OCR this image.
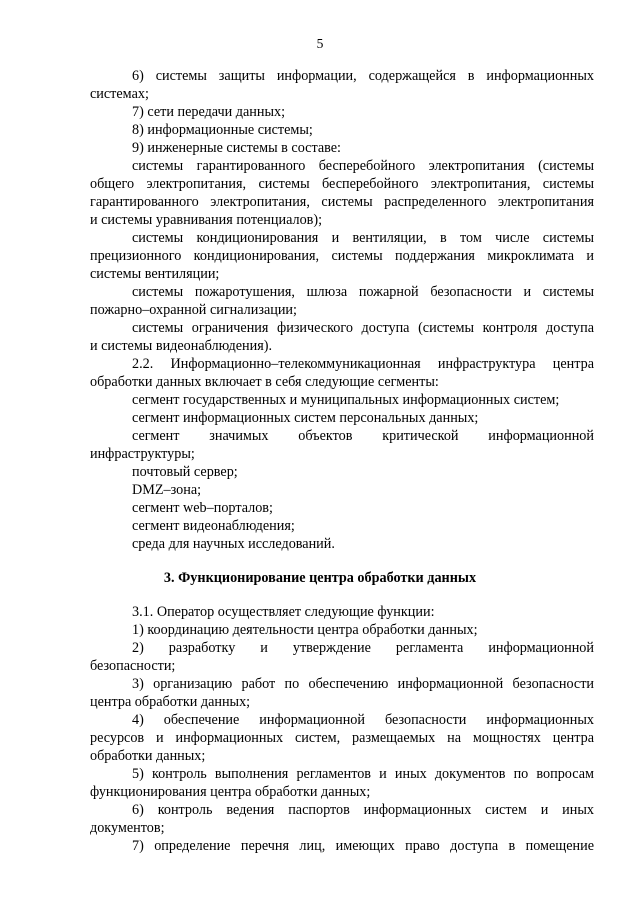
5
6) системы защиты информации, содержащейся в информационных
системах;
7) сети передачи данных;
8) информационные системы;
9) инженерные системы в составе:
системы гарантированного бесперебойного электропитания (системы
общего электропитания, системы бесперебойного электропитания, системы
гарантированного электропитания, системы распределенного электропитания
и системы уравнивания потенциалов);
системы кондиционирования и вентиляции, в том числе системы
прецизионного кондиционирования, системы поддержания микроклимата и
системы вентиляции;
системы пожаротушения, шлюза пожарной безопасности и системы
пожарно–охранной сигнализации;
системы ограничения физического доступа (системы контроля доступа
и системы видеонаблюдения).
2.2. Информационно–телекоммуникационная инфраструктура центра
обработки данных включает в себя следующие сегменты:
сегмент государственных и муниципальных информационных систем;
сегмент информационных систем персональных данных;
сегмент значимых объектов критической информационной
инфраструктуры;
почтовый сервер;
DMZ–зона;
сегмент web–порталов;
сегмент видеонаблюдения;
среда для научных исследований.
3. Функционирование центра обработки данных
3.1. Оператор осуществляет следующие функции:
1) координацию деятельности центра обработки данных;
2) разработку и утверждение регламента информационной
безопасности;
3) организацию работ по обеспечению информационной безопасности
центра обработки данных;
4) обеспечение информационной безопасности информационных
ресурсов и информационных систем, размещаемых на мощностях центра
обработки данных;
5) контроль выполнения регламентов и иных документов по вопросам
функционирования центра обработки данных;
6) контроль ведения паспортов информационных систем и иных
документов;
7) определение перечня лиц, имеющих право доступа в помещение
